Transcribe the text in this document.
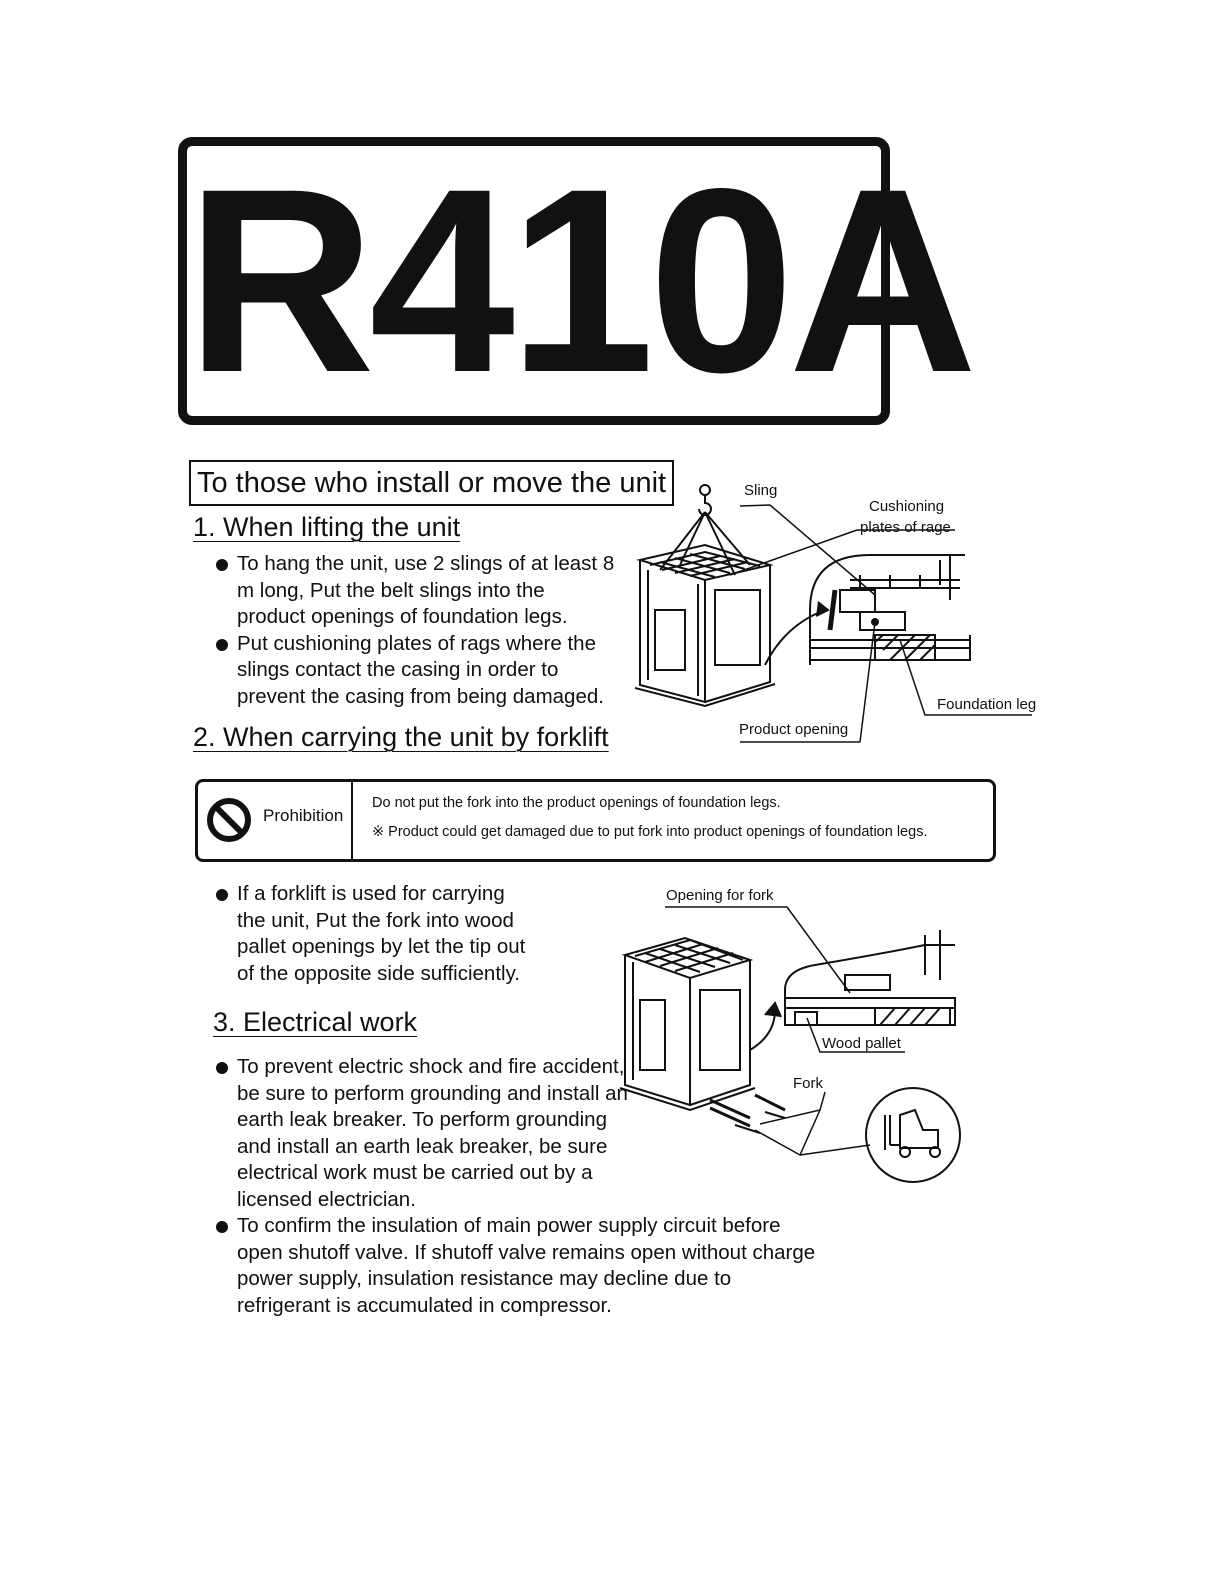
R410A
To those who install or move the unit
1. When lifting the unit
To hang the unit, use 2 slings of at least 8 m long, Put the belt slings into the product openings of foundation legs.
Put cushioning plates of rags where the slings contact the casing in order to prevent the casing from being damaged.
Sling
Cushioning
plates of rage
Foundation leg
Product opening
2. When carrying the unit by forklift
Prohibition
Do not put the fork into the product openings of foundation legs.
※ Product could get damaged due to put fork into product openings of foundation legs.
If a forklift is used for carrying the unit, Put the fork into wood pallet openings by let the tip out of the opposite side sufficiently.
Opening for fork
Wood pallet
Fork
3. Electrical work
To prevent electric shock and fire accident, be sure to perform grounding and install an earth leak breaker. To perform grounding and install an earth leak breaker, be sure electrical work must be carried out by a licensed electrician.
To confirm the insulation of main power supply circuit before open shutoff valve. If shutoff valve remains open without charge power supply, insulation resistance may decline due to refrigerant is accumulated in compressor.
